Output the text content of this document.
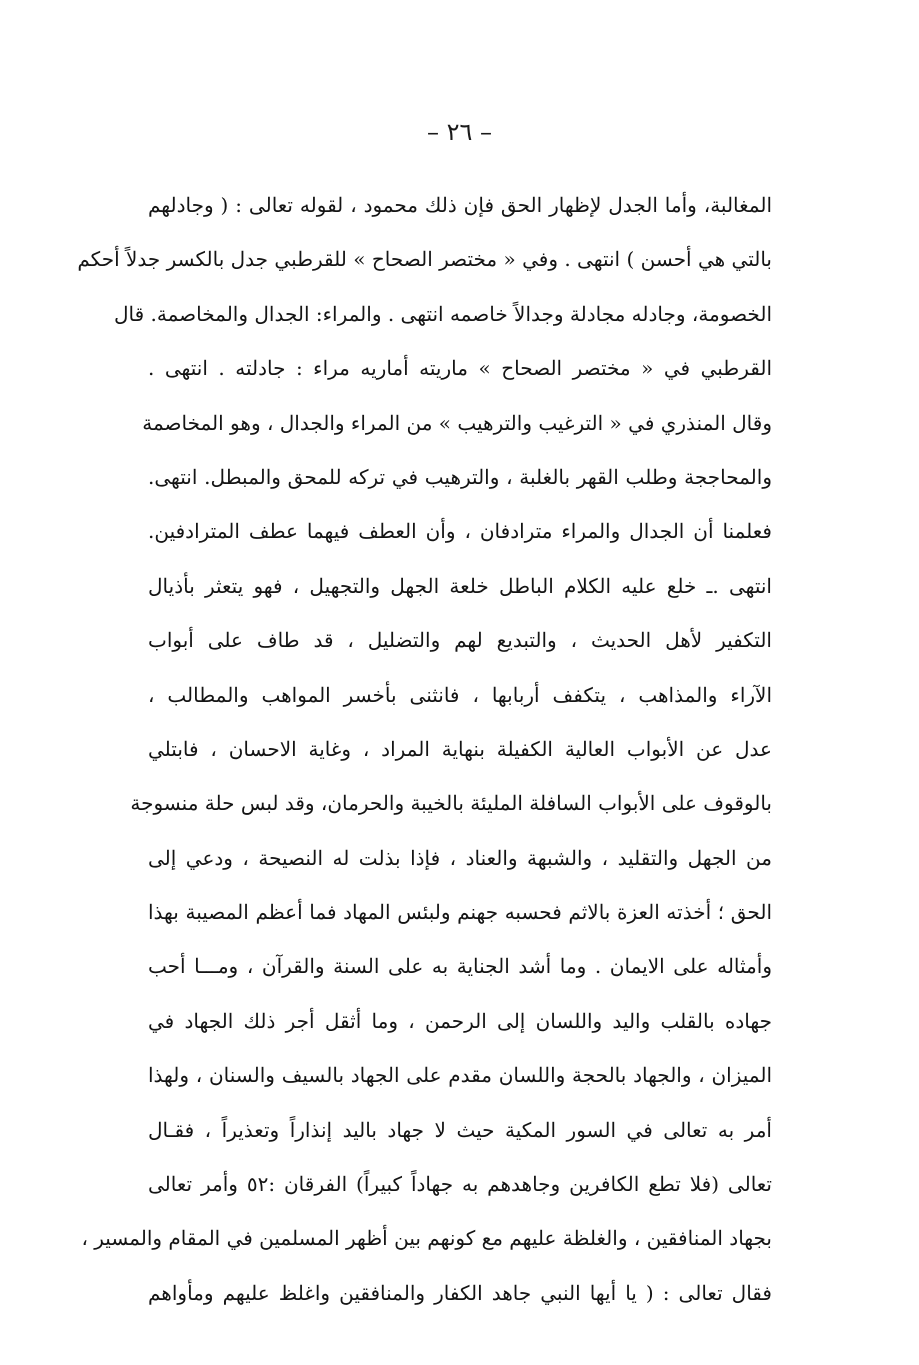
– ٢٦ –
المغالبة، وأما الجدل لإظهار الحق فإن ذلك محمود ، لقوله تعالى : ( وجادلهم
بالتي هي أحسن ) انتهى . وفي « مختصر الصحاح » للقرطبي جدل بالكسر جدلاً أحكم
الخصومة، وجادله مجادلة وجدالاً خاصمه انتهى . والمراء: الجدال والمخاصمة. قال
القرطبي في « مختصر الصحاح » ماريته أماريه مراء : جادلته . انتهى .
وقال المنذري في « الترغيب والترهيب » من المراء والجدال ، وهو المخاصمة
والمحاججة وطلب القهر بالغلبة ، والترهيب في تركه للمحق والمبطل. انتهى.
فعلمنا أن الجدال والمراء مترادفان ، وأن العطف فيهما عطف المترادفين.
انتهى .ـ خلع عليه الكلام الباطل خلعة الجهل والتجهيل ، فهو يتعثر بأذيال
التكفير لأهل الحديث ، والتبديع لهم والتضليل ، قد طاف على أبواب
الآراء والمذاهب ، يتكفف أربابها ، فانثنى بأخسر المواهب والمطالب ،
عدل عن الأبواب العالية الكفيلة بنهاية المراد ، وغاية الاحسان ، فابتلي
بالوقوف على الأبواب السافلة المليئة بالخيبة والحرمان، وقد لبس حلة منسوجة
من الجهل والتقليد ، والشبهة والعناد ، فإذا بذلت له النصيحة ، ودعي إلى
الحق ؛ أخذته العزة بالاثم فحسبه جهنم ولبئس المهاد فما أعظم المصيبة بهذا
وأمثاله على الايمان . وما أشد الجناية به على السنة والقرآن ، ومـــا أحب
جهاده بالقلب واليد واللسان إلى الرحمن ، وما أثقل أجر ذلك الجهاد في
الميزان ، والجهاد بالحجة واللسان مقدم على الجهاد بالسيف والسنان ، ولهذا
أمر به تعالى في السور المكية حيث لا جهاد باليد إنذاراً وتعذيراً ، فقـال
تعالى (فلا تطع الكافرين وجاهدهم به جهاداً كبيراً) الفرقان :٥٢ وأمر تعالى
بجهاد المنافقين ، والغلظة عليهم مع كونهم بين أظهر المسلمين في المقام والمسير ،
فقال تعالى : ( يا أيها النبي جاهد الكفار والمنافقين واغلظ عليهم ومأواهم
